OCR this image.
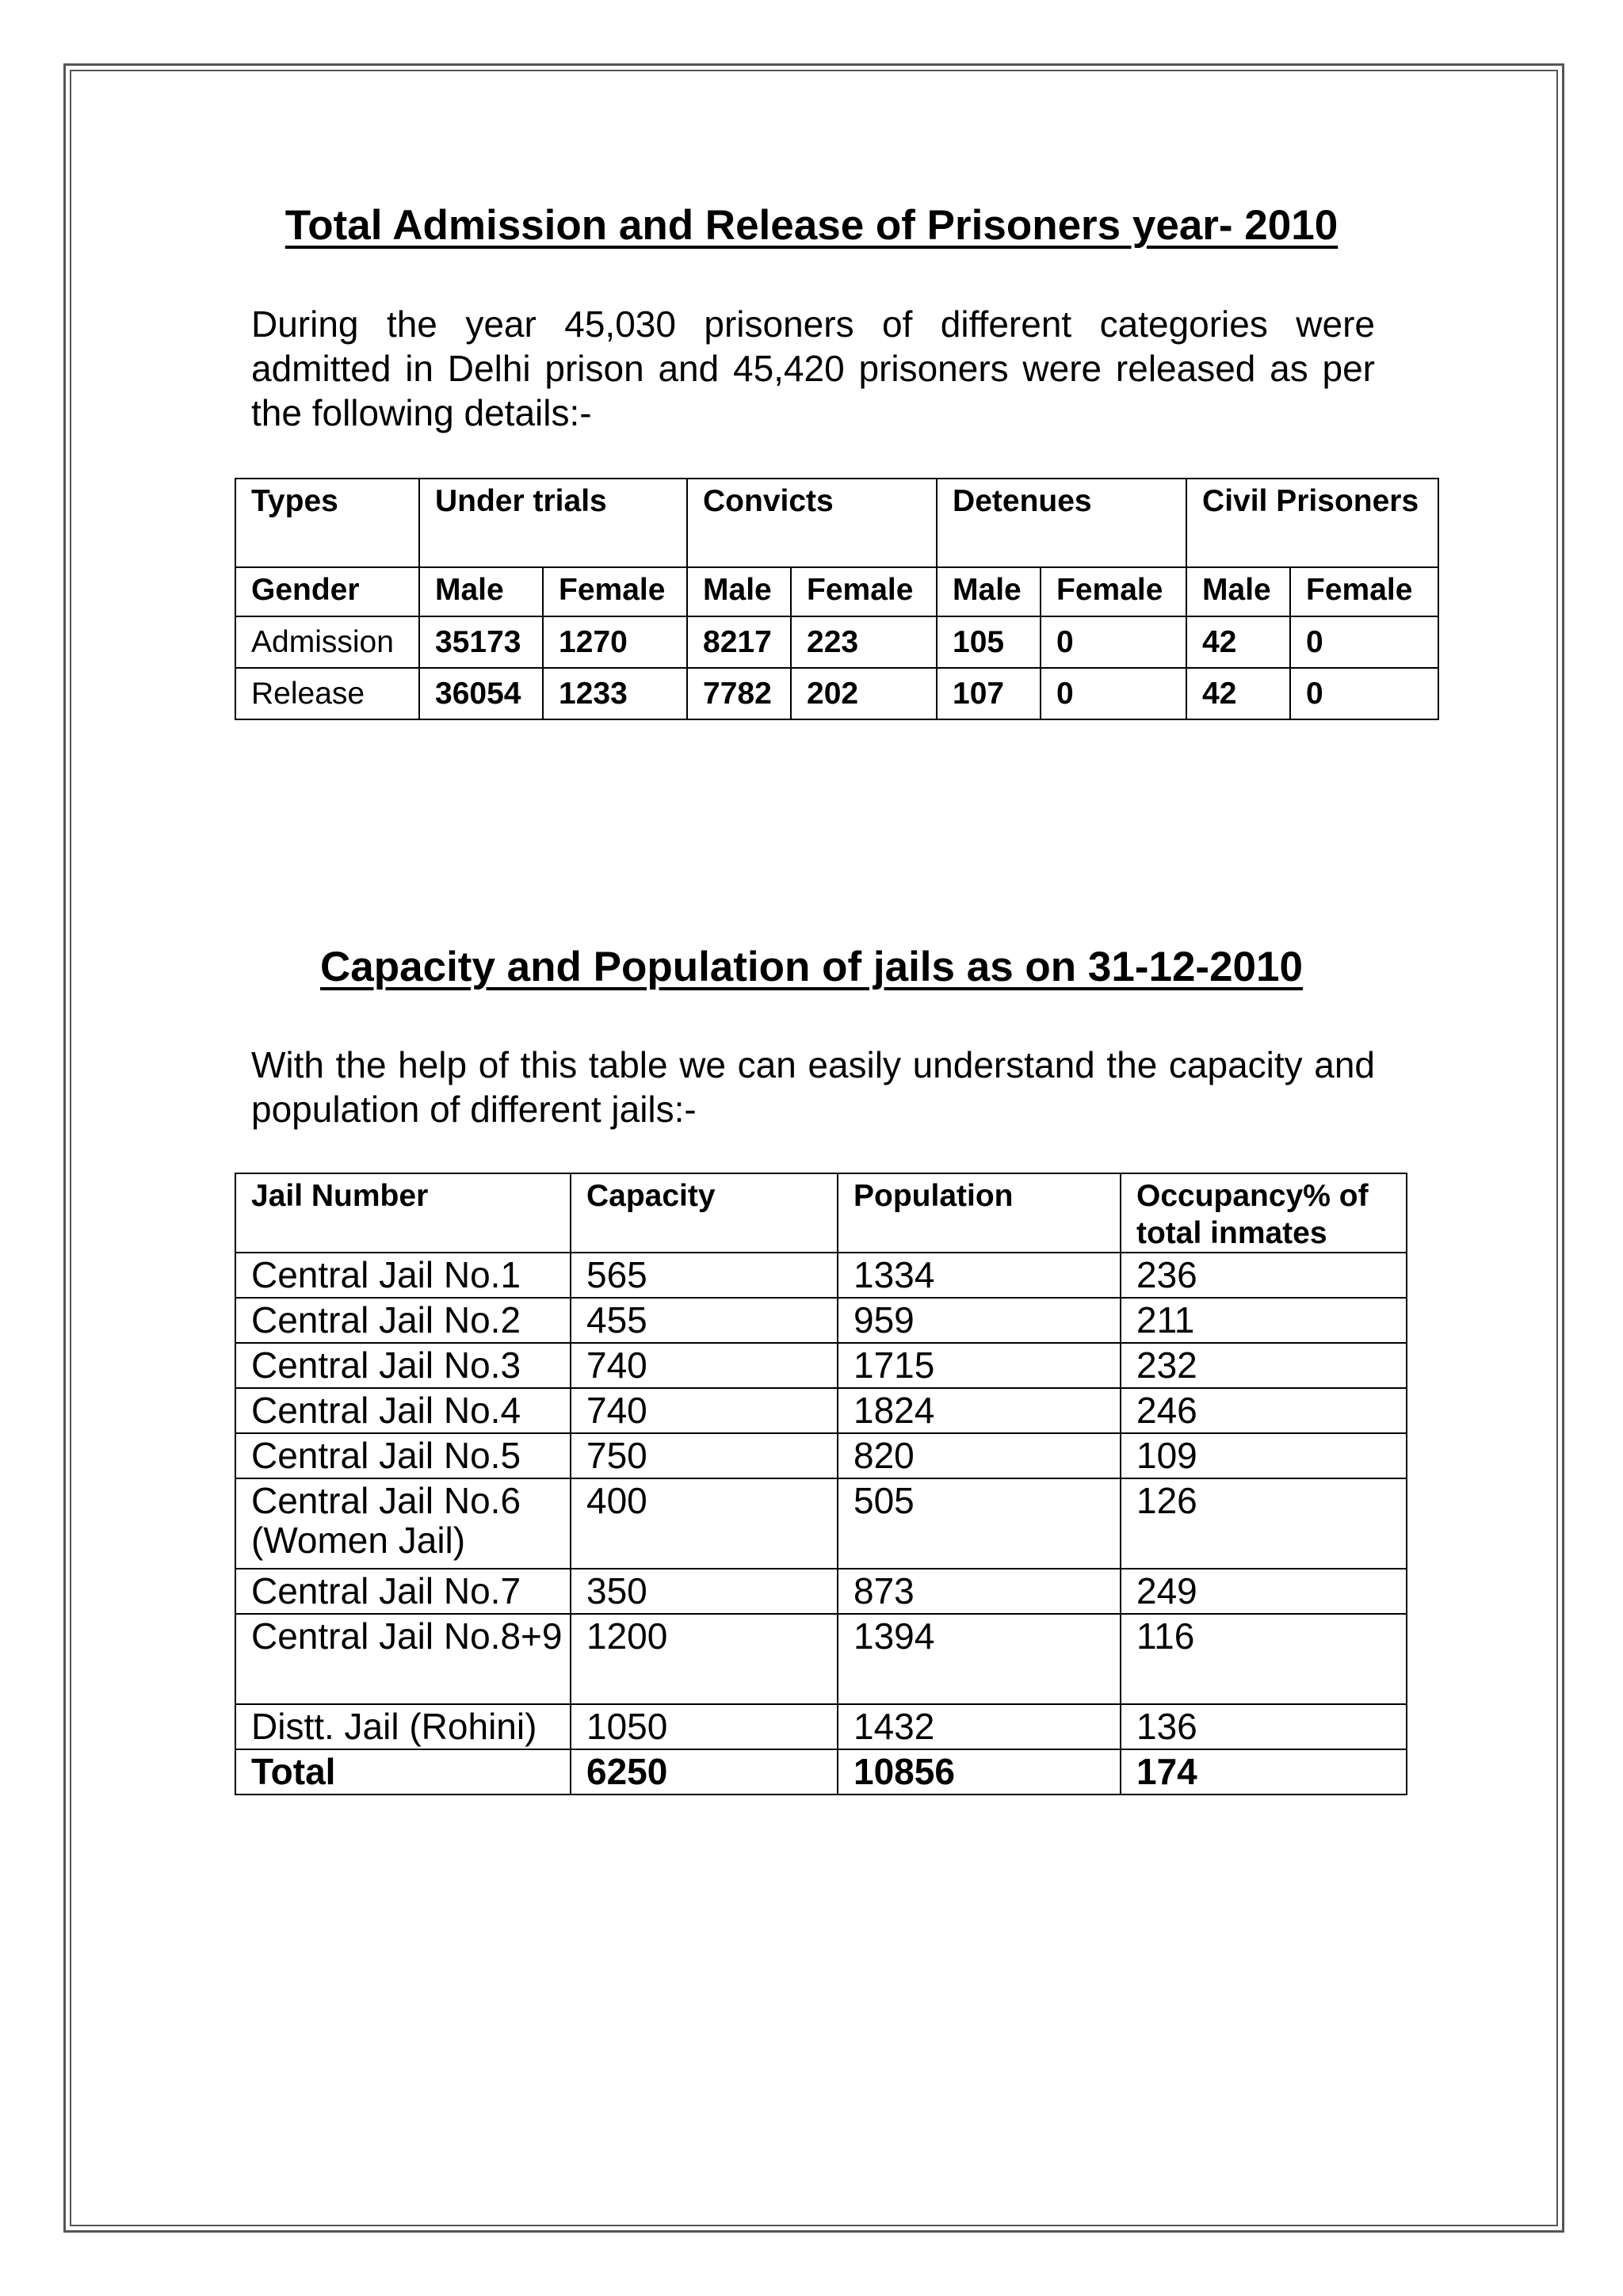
Total Admission and Release of Prisoners year- 2010
During the year 45,030 prisoners of different categories were admitted in Delhi prison and 45,420 prisoners were released as per the following details:-
Types	Under trials		Convicts		Detenues		Civil Prisoners	
Gender	Male	Female	Male	Female	Male	Female	Male	Female
Admission	35173	1270	8217	223	105	0	42	0
Release	36054	1233	7782	202	107	0	42	0
Capacity and Population of jails as on 31-12-2010
With the help of this table we can easily understand the capacity and population of different jails:-
Jail Number	Capacity	Population	Occupancy% of total inmates
Central Jail No.1	565	1334	236
Central Jail No.2	455	959	211
Central Jail No.3	740	1715	232
Central Jail No.4	740	1824	246
Central Jail No.5	750	820	109
Central Jail No.6 (Women Jail)	400	505	126
Central Jail No.7	350	873	249
Central Jail No.8+9	1200	1394	116
Distt. Jail (Rohini)	1050	1432	136
Total	6250	10856	174
